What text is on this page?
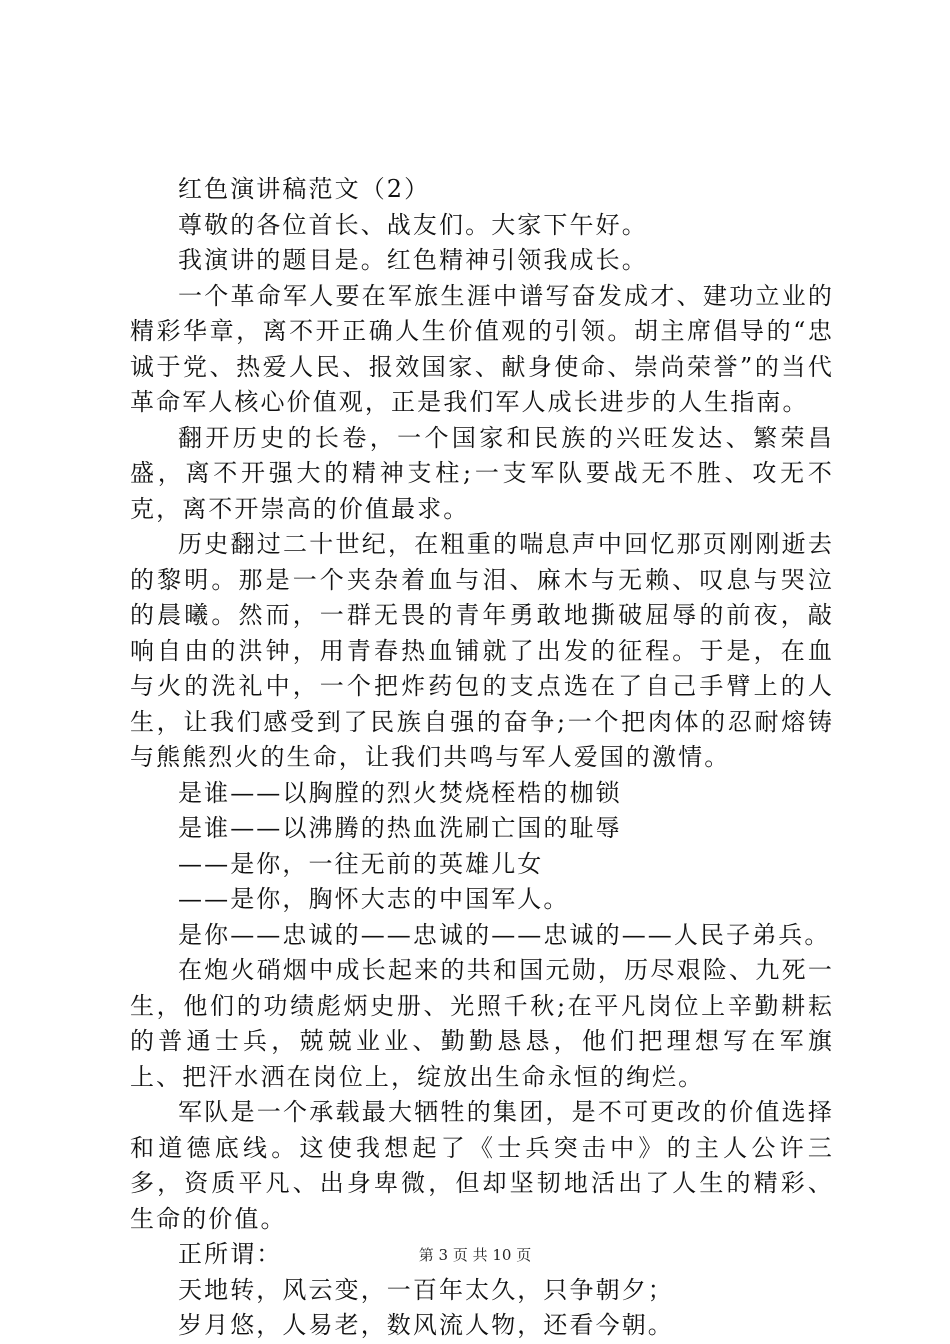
红色演讲稿范文（2）

尊敬的各位首长、战友们。大家下午好。

我演讲的题目是。红色精神引领我成长。

一个革命军人要在军旅生涯中谱写奋发成才、建功立业的精彩华章，离不开正确人生价值观的引领。胡主席倡导的“忠诚于党、热爱人民、报效国家、献身使命、崇尚荣誉”的当代革命军人核心价值观，正是我们军人成长进步的人生指南。

翻开历史的长卷，一个国家和民族的兴旺发达、繁荣昌盛，离不开强大的精神支柱;一支军队要战无不胜、攻无不克，离不开崇高的价值最求。

历史翻过二十世纪，在粗重的喘息声中回忆那页刚刚逝去的黎明。那是一个夹杂着血与泪、麻木与无赖、叹息与哭泣的晨曦。然而，一群无畏的青年勇敢地撕破屈辱的前夜，敲响自由的洪钟，用青春热血铺就了出发的征程。于是，在血与火的洗礼中，一个把炸药包的支点选在了自己手臂上的人生，让我们感受到了民族自强的奋争;一个把肉体的忍耐熔铸与熊熊烈火的生命，让我们共鸣与军人爱国的激情。

是谁——以胸膛的烈火焚烧桎梏的枷锁

是谁——以沸腾的热血洗刷亡国的耻辱

——是你，一往无前的英雄儿女

——是你，胸怀大志的中国军人。

是你——忠诚的——忠诚的——忠诚的——人民子弟兵。

在炮火硝烟中成长起来的共和国元勋，历尽艰险、九死一生，他们的功绩彪炳史册、光照千秋;在平凡岗位上辛勤耕耘的普通士兵，兢兢业业、勤勤恳恳，他们把理想写在军旗上、把汗水洒在岗位上，绽放出生命永恒的绚烂。

军队是一个承载最大牺牲的集团，是不可更改的价值选择和道德底线。这使我想起了《士兵突击中》的主人公许三多，资质平凡、出身卑微，但却坚韧地活出了人生的精彩、生命的价值。

正所谓：

天地转，风云变，一百年太久，只争朝夕；

岁月悠，人易老，数风流人物，还看今朝。

第 3 页 共 10 页
